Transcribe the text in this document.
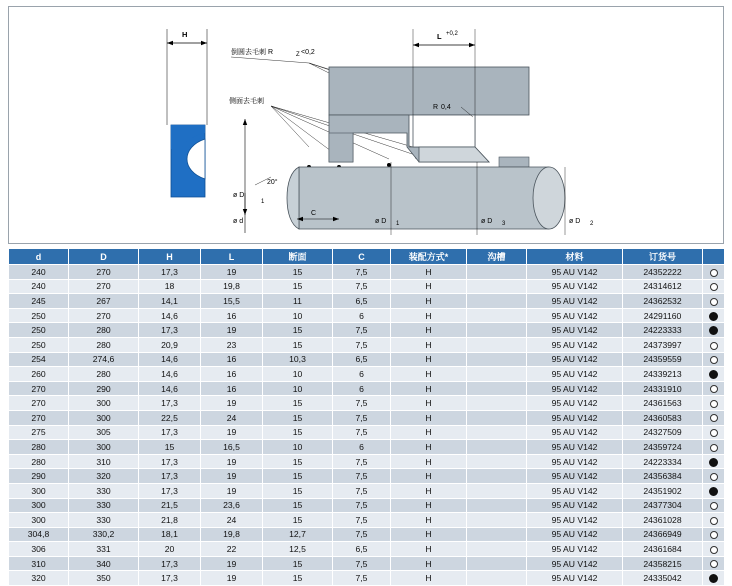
H
倒圆去毛刺 R	Z <0,2
侧面去毛刺
L +0,2
R 0,4
20°
1
ø D
ø d
C
ø D 1	ø D 3	ø D 2
d	D	H	L	断面	C	装配方式*	沟槽	材料	订货号	
240	270	17,3	19	15	7,5	H		95 AU V142	24352222	
240	270	18	19,8	15	7,5	H		95 AU V142	24314612	
245	267	14,1	15,5	11	6,5	H		95 AU V142	24362532	
250	270	14,6	16	10	6	H		95 AU V142	24291160	
250	280	17,3	19	15	7,5	H		95 AU V142	24223333	
250	280	20,9	23	15	7,5	H		95 AU V142	24373997	
254	274,6	14,6	16	10,3	6,5	H		95 AU V142	24359559	
260	280	14,6	16	10	6	H		95 AU V142	24339213	
270	290	14,6	16	10	6	H		95 AU V142	24331910	
270	300	17,3	19	15	7,5	H		95 AU V142	24361563	
270	300	22,5	24	15	7,5	H		95 AU V142	24360583	
275	305	17,3	19	15	7,5	H		95 AU V142	24327509	
280	300	15	16,5	10	6	H		95 AU V142	24359724	
280	310	17,3	19	15	7,5	H		95 AU V142	24223334	
290	320	17,3	19	15	7,5	H		95 AU V142	24356384	
300	330	17,3	19	15	7,5	H		95 AU V142	24351902	
300	330	21,5	23,6	15	7,5	H		95 AU V142	24377304	
300	330	21,8	24	15	7,5	H		95 AU V142	24361028	
304,8	330,2	18,1	19,8	12,7	7,5	H		95 AU V142	24366949	
306	331	20	22	12,5	6,5	H		95 AU V142	24361684	
310	340	17,3	19	15	7,5	H		95 AU V142	24358215	
320	350	17,3	19	15	7,5	H		95 AU V142	24335042	
